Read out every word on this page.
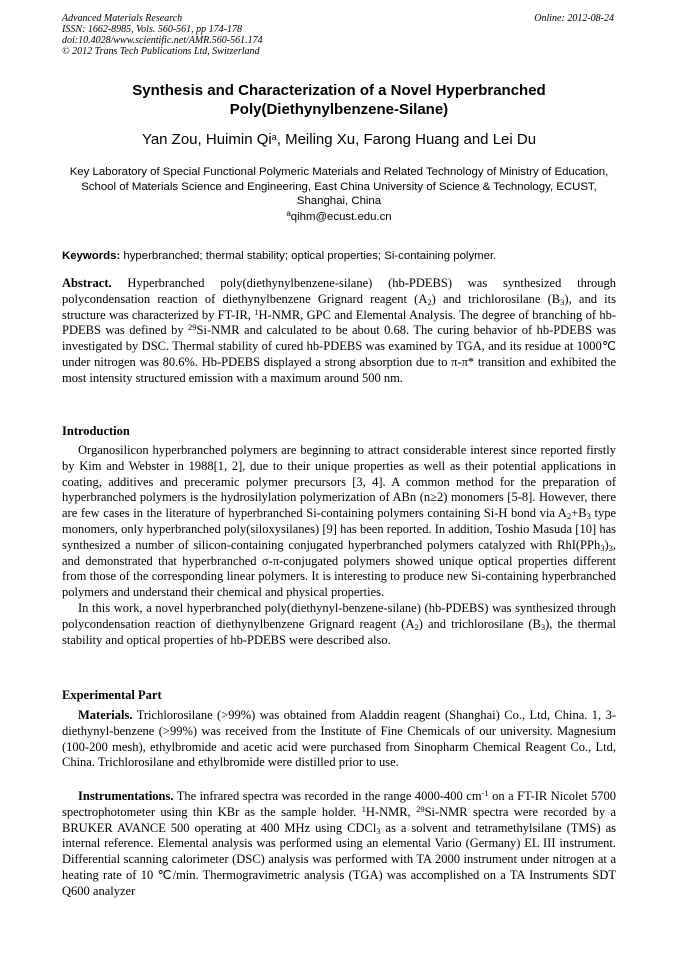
Advanced Materials Research
ISSN: 1662-8985, Vols. 560-561, pp 174-178
doi:10.4028/www.scientific.net/AMR.560-561.174
© 2012 Trans Tech Publications Ltd, Switzerland
Online: 2012-08-24
Synthesis and Characterization of a Novel Hyperbranched
Poly(Diethynylbenzene-Silane)
Yan Zou, Huimin Qi$^a$, Meiling Xu, Farong Huang and Lei Du
Key Laboratory of Special Functional Polymeric Materials and Related Technology of Ministry of Education, School of Materials Science and Engineering, East China University of Science & Technology, ECUST, Shanghai, China
$^a$qihm@ecust.edu.cn
Keywords: hyperbranched; thermal stability; optical properties; Si-containing polymer.
Abstract. Hyperbranched poly(diethynylbenzene-silane) (hb-PDEBS) was synthesized through polycondensation reaction of diethynylbenzene Grignard reagent $(A_2)$ and trichlorosilane $(B_3)$, and its structure was characterized by FT-IR, $^1$H-NMR, GPC and Elemental Analysis. The degree of branching of hb-PDEBS was defined by $^{29}$Si-NMR and calculated to be about 0.68. The curing behavior of hb-PDEBS was investigated by DSC. Thermal stability of cured hb-PDEBS was examined by TGA, and its residue at 1000℃ under nitrogen was 80.6%. Hb-PDEBS displayed a strong absorption due to π-π* transition and exhibited the most intensity structured emission with a maximum around 500 nm.
Introduction

Organosilicon hyperbranched polymers are beginning to attract considerable interest since reported firstly by Kim and Webster in 1988[1, 2], due to their unique properties as well as their potential applications in coating, additives and preceramic polymer precursors [3, 4]. A common method for the preparation of hyperbranched polymers is the hydrosilylation polymerization of ABn (n≥2) monomers [5-8]. However, there are few cases in the literature of hyperbranched Si-containing polymers containing Si-H bond via $A_2+B_3$ type monomers, only hyperbranched poly(siloxysilanes) [9] has been reported. In addition, Toshio Masuda [10] has synthesized a number of silicon-containing conjugated hyperbranched polymers catalyzed with $RhI(PPh_3)_3$, and demonstrated that hyperbranched σ-π-conjugated polymers showed unique optical properties different from those of the corresponding linear polymers. It is interesting to produce new Si-containing hyperbranched polymers and understand their chemical and physical properties.

In this work, a novel hyperbranched poly(diethynyl-benzene-silane) (hb-PDEBS) was synthesized through polycondensation reaction of diethynylbenzene Grignard reagent $(A_2)$ and trichlorosilane $(B_3)$, the thermal stability and optical properties of hb-PDEBS were described also.

Experimental Part
Materials. Trichlorosilane (>99%) was obtained from Aladdin reagent (Shanghai) Co., Ltd, China. 1, 3-diethynyl-benzene (>99%) was received from the Institute of Fine Chemicals of our university. Magnesium (100-200 mesh), ethylbromide and acetic acid were purchased from Sinopharm Chemical Reagent Co., Ltd, China. Trichlorosilane and ethylbromide were distilled prior to use.
Instrumentations. The infrared spectra was recorded in the range 4000-400 $cm^{-1}$ on a FT-IR Nicolet 5700 spectrophotometer using thin KBr as the sample holder. $^1$H-NMR, $^{29}$Si-NMR spectra were recorded by a BRUKER AVANCE 500 operating at 400 MHz using CDCl$_3$ as a solvent and tetramethylsilane (TMS) as internal reference. Elemental analysis was performed using an elemental Vario (Germany) EL III instrument. Differential scanning calorimeter (DSC) analysis was performed with TA 2000 instrument under nitrogen at a heating rate of 10 ℃/min. Thermogravimetric analysis (TGA) was accomplished on a TA Instruments SDT Q600 analyzer
